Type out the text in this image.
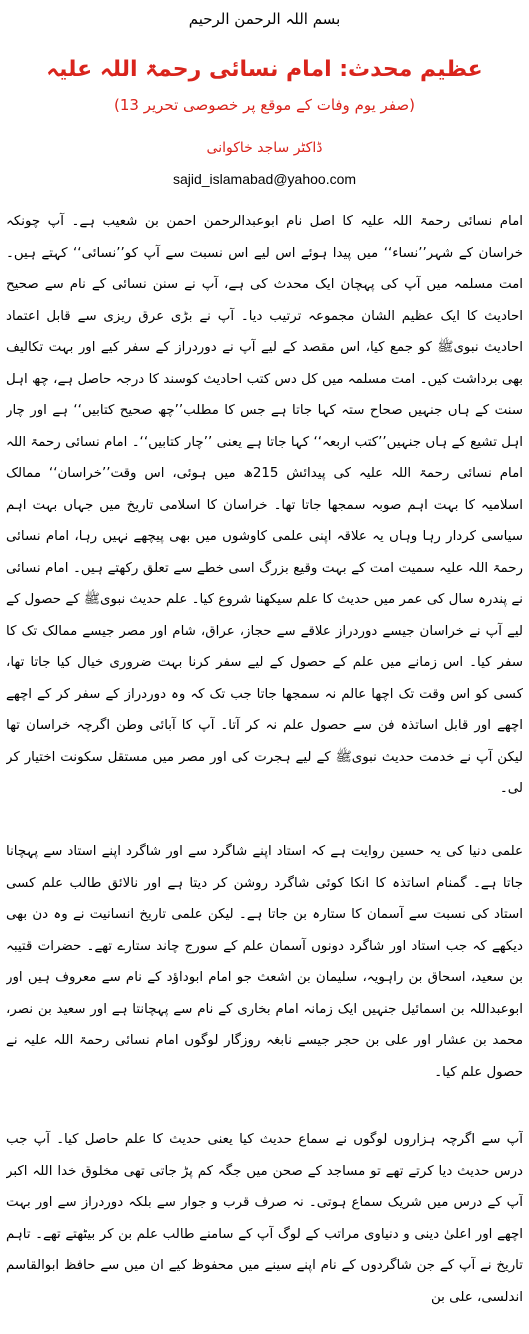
بسم اللہ الرحمن الرحیم
عظیم محدث: امام نسائی رحمۃ اللہ علیہ
(13 صفر یوم وفات کے موقع پر خصوصی تحریر)
ڈاکٹر ساجد خاکوانی
sajid_islamabad@yahoo.com

امام نسائی رحمۃ اللہ علیہ کا اصل نام ابوعبدالرحمن احمن بن شعیب ہے۔ آپ چونکہ خراسان کے شہر’’نساء‘‘ میں پیدا ہوئے اس لیے اس نسبت سے آپ کو’’نسائی‘‘ کہتے ہیں۔ امت مسلمہ میں آپ کی پہچان ایک محدث کی ہے، آپ نے سنن نسائی کے نام سے صحیح احادیث کا ایک عظیم الشان مجموعہ ترتیب دیا۔ آپ نے بڑی عرق ریزی سے قابل اعتماد احادیث نبویﷺ کو جمع کیا، اس مقصد کے لیے آپ نے دوردراز کے سفر کیے اور بہت تکالیف بھی برداشت کیں۔ امت مسلمہ میں کل دس کتب احادیث کوسند کا درجہ حاصل ہے، چھ اہل سنت کے ہاں جنہیں صحاح ستہ کہا جاتا ہے جس کا مطلب’’چھ صحیح کتابیں‘‘ ہے اور چار اہل تشیع کے ہاں جنہیں’’کتب اربعہ‘‘ کہا جاتا ہے یعنی ’’چار کتابیں‘‘۔ امام نسائی رحمۃ اللہ

امام نسائی رحمۃ اللہ علیہ کی پیدائش 215ھ میں ہوئی، اس وقت’’خراسان‘‘ ممالک اسلامیہ کا بہت اہم صوبہ سمجھا جاتا تھا۔ خراسان کا اسلامی تاریخ میں جہاں بہت اہم سیاسی کردار رہا وہاں یہ علاقہ اپنی علمی کاوشوں میں بھی پیچھے نہیں رہا، امام نسائی رحمۃ اللہ علیہ سمیت امت کے بہت وقیع بزرگ اسی خطے سے تعلق رکھتے ہیں۔ امام نسائی نے پندرہ سال کی عمر میں حدیث کا علم سیکھنا شروع کیا۔ علم حدیث نبویﷺ کے حصول کے لیے آپ نے خراسان جیسے دوردراز علاقے سے حجاز، عراق، شام اور مصر جیسے ممالک تک کا سفر کیا۔ اس زمانے میں علم کے حصول کے لیے سفر کرنا بہت ضروری خیال کیا جاتا تھا، کسی کو اس وقت تک اچھا عالم نہ سمجھا جاتا جب تک کہ وہ دوردراز کے سفر کر کے اچھے اچھے اور قابل اساتذہ فن سے حصول علم نہ کر آتا۔ آپ کا آبائی وطن اگرچہ خراسان تھا لیکن آپ نے خدمت حدیث نبویﷺ کے لیے ہجرت کی اور مصر میں مستقل سکونت اختیار کر لی۔

علمی دنیا کی یہ حسین روایت ہے کہ استاد اپنے شاگرد سے اور شاگرد اپنے استاد سے پہچانا جاتا ہے۔ گمنام اساتذہ کا انکا کوئی شاگرد روشن کر دیتا ہے اور نالائق طالب علم کسی استاد کی نسبت سے آسمان کا ستارہ بن جاتا ہے۔ لیکن علمی تاریخ انسانیت نے وہ دن بھی دیکھے کہ جب استاد اور شاگرد دونوں آسمان علم کے سورج چاند ستارے تھے۔ حضرات قتیبہ بن سعید، اسحاق بن راہویہ، سلیمان بن اشعث جو امام ابوداؤد کے نام سے معروف ہیں اور ابوعبداللہ بن اسمائیل جنہیں ایک زمانہ امام بخاری کے نام سے پہچانتا ہے اور سعید بن نصر، محمد بن عشار اور علی بن حجر جیسے نابغہ روزگار لوگوں امام نسائی رحمۃ اللہ علیہ نے حصول علم کیا۔

آپ سے اگرچہ ہزاروں لوگوں نے سماع حدیث کیا یعنی حدیث کا علم حاصل کیا۔ آپ جب درس حدیث دیا کرتے تھے تو مساجد کے صحن میں جگہ کم پڑ جاتی تھی مخلوق خدا اللہ اکبر آپ کے درس میں شریک سماع ہوتی۔ نہ صرف قرب و جوار سے بلکہ دوردراز سے اور بہت اچھے اور اعلیٰ دینی و دنیاوی مراتب کے لوگ آپ کے سامنے طالب علم بن کر بیٹھتے تھے۔ تاہم تاریخ نے آپ کے جن شاگردوں کے نام اپنے سینے میں محفوظ کیے ان میں سے حافظ ابوالقاسم اندلسی، علی بن
